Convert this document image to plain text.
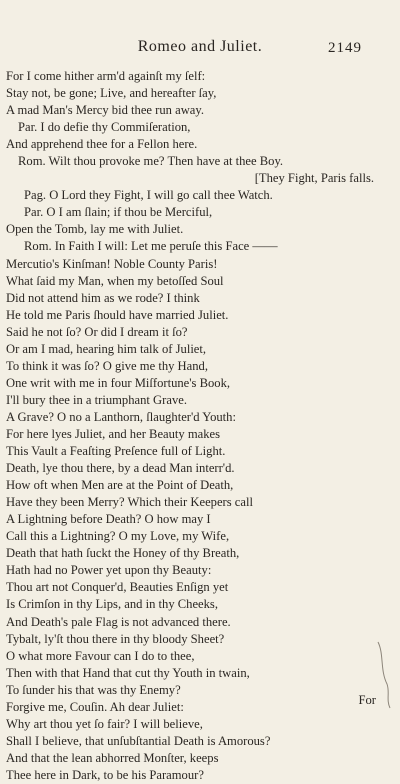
Romeo and Juliet.	2149
For I come hither arm'd againſt my ſelf:
Stay not, be gone; Live, and hereafter ſay,
A mad Man's Mercy bid thee run away.
Par. I do defie thy Commiſeration,
And apprehend thee for a Fellon here.
Rom. Wilt thou provoke me? Then have at thee Boy.
[They Fight, Paris falls.
Pag. O Lord they Fight, I will go call thee Watch.
Par. O I am ſlain; if thou be Merciful,
Open the Tomb, lay me with Juliet.
Rom. In Faith I will: Let me peruſe this Face ——
Mercutio's Kinſman! Noble County Paris!
What ſaid my Man, when my betoſſed Soul
Did not attend him as we rode? I think
He told me Paris ſhould have married Juliet.
Said he not ſo? Or did I dream it ſo?
Or am I mad, hearing him talk of Juliet,
To think it was ſo? O give me thy Hand,
One writ with me in four Miſfortune's Book,
I'll bury thee in a triumphant Grave.
A Grave? O no a Lanthorn, ſlaughter'd Youth:
For here lyes Juliet, and her Beauty makes
This Vault a Feaſting Preſence full of Light.
Death, lye thou there, by a dead Man interr'd.
How oft when Men are at the Point of Death,
Have they been Merry? Which their Keepers call
A Lightning before Death? O how may I
Call this a Lightning? O my Love, my Wife,
Death that hath ſuckt the Honey of thy Breath,
Hath had no Power yet upon thy Beauty:
Thou art not Conquer'd, Beauties Enſign yet
Is Crimſon in thy Lips, and in thy Cheeks,
And Death's pale Flag is not advanced there.
Tybalt, ly'ſt thou there in thy bloody Sheet?
O what more Favour can I do to thee,
Then with that Hand that cut thy Youth in twain,
To ſunder his that was thy Enemy?
Forgive me, Couſin. Ah dear Juliet:
Why art thou yet ſo fair? I will believe,
Shall I believe, that unſubſtantial Death is Amorous?
And that the lean abhorred Monſter, keeps
Thee here in Dark, to be his Paramour?
For
